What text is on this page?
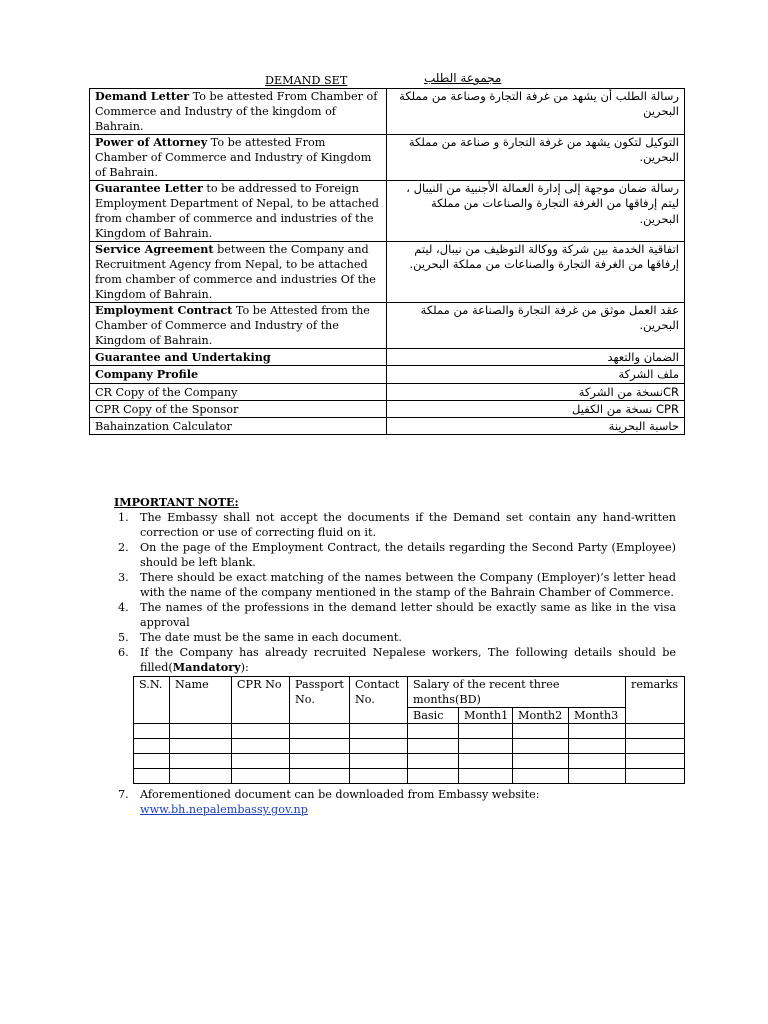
DEMAND SET	مجموعة الطلب
Demand Letter To be attested From Chamber of Commerce and Industry of the kingdom of Bahrain.	رسالة الطلب أن يشهد من غرفة التجارة وصناعة من مملكة البحرين
Power of Attorney To be attested From Chamber of Commerce and Industry of Kingdom of Bahrain.	التوكيل لتكون يشهد من غرفة التجارة و صناعة من مملكة البحرين.
Guarantee Letter to be addressed to Foreign Employment Department of Nepal, to be attached from chamber of commerce and industries of the Kingdom of Bahrain.	رسالة ضمان موجهة إلى إدارة العمالة الأجنبية من النيبال ، ليتم إرفاقها من الغرفة التجارة والصناعات من مملكة البحرين.
Service Agreement between the Company and Recruitment Agency from Nepal, to be attached from chamber of commerce and industries Of the Kingdom of Bahrain.	اتفاقية الخدمة بين شركة ووكالة التوظيف من نيبال، ليتم إرفاقها من الغرفة التجارة والصناعات من مملكة البحرين.
Employment Contract To be Attested from the Chamber of Commerce and Industry of the Kingdom of Bahrain.	عقد العمل موثق من غرفة التجارة والصناعة من مملكة البحرين.
Guarantee and Undertaking	الضمان والتعهد
Company Profile	ملف الشركة
CR Copy of the Company	CRنسخة من الشركة
CPR Copy of the Sponsor	CPR نسخة من الكفيل
Bahainzation Calculator	حاسبة البحرينة
IMPORTANT NOTE:
1. The Embassy shall not accept the documents if the Demand set contain any hand-written correction or use of correcting fluid on it.
2. On the page of the Employment Contract, the details regarding the Second Party (Employee) should be left blank.
3. There should be exact matching of the names between the Company (Employer)’s letter head with the name of the company mentioned in the stamp of the Bahrain Chamber of Commerce.
4. The names of the professions in the demand letter should be exactly same as like in the visa approval
5. The date must be the same in each document.
6. If the Company has already recruited Nepalese workers, The following details should be filled(Mandatory):
S.N.	Name	CPR No	Passport No.	Contact No.	Salary of the recent three months(BD)				remarks
					Basic	Month1	Month2	Month3	

7. Aforementioned document can be downloaded from Embassy website:
www.bh.nepalembassy.gov.np
